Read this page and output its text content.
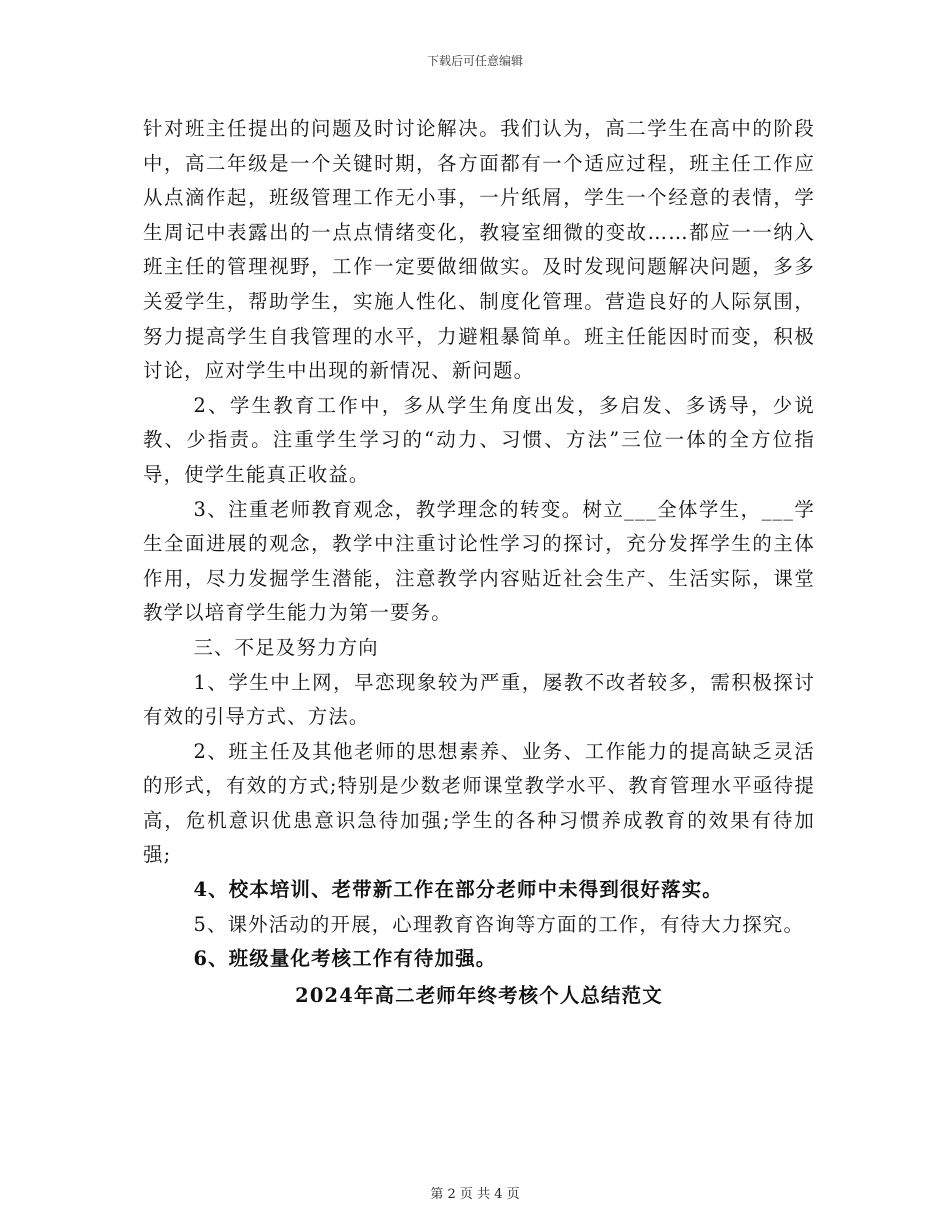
下载后可任意编辑

针对班主任提出的问题及时讨论解决。我们认为，高二学生在高中的阶段中，高二年级是一个关键时期，各方面都有一个适应过程，班主任工作应从点滴作起，班级管理工作无小事，一片纸屑，学生一个经意的表情，学生周记中表露出的一点点情绪变化，教寝室细微的变故……都应一一纳入班主任的管理视野，工作一定要做细做实。及时发现问题解决问题，多多关爱学生，帮助学生，实施人性化、制度化管理。营造良好的人际氛围，努力提高学生自我管理的水平，力避粗暴简单。班主任能因时而变，积极讨论，应对学生中出现的新情况、新问题。

2、学生教育工作中，多从学生角度出发，多启发、多诱导，少说教、少指责。注重学生学习的“动力、习惯、方法”三位一体的全方位指导，使学生能真正收益。

3、注重老师教育观念，教学理念的转变。树立___全体学生，___学生全面进展的观念，教学中注重讨论性学习的探讨，充分发挥学生的主体作用，尽力发掘学生潜能，注意教学内容贴近社会生产、生活实际，课堂教学以培育学生能力为第一要务。

三、不足及努力方向

1、学生中上网，早恋现象较为严重，屡教不改者较多，需积极探讨有效的引导方式、方法。

2、班主任及其他老师的思想素养、业务、工作能力的提高缺乏灵活的形式，有效的方式;特别是少数老师课堂教学水平、教育管理水平亟待提高，危机意识优患意识急待加强;学生的各种习惯养成教育的效果有待加强;

4、校本培训、老带新工作在部分老师中未得到很好落实。

5、课外活动的开展，心理教育咨询等方面的工作，有待大力探究。

6、班级量化考核工作有待加强。

2024年高二老师年终考核个人总结范文

第 2 页 共 4 页
